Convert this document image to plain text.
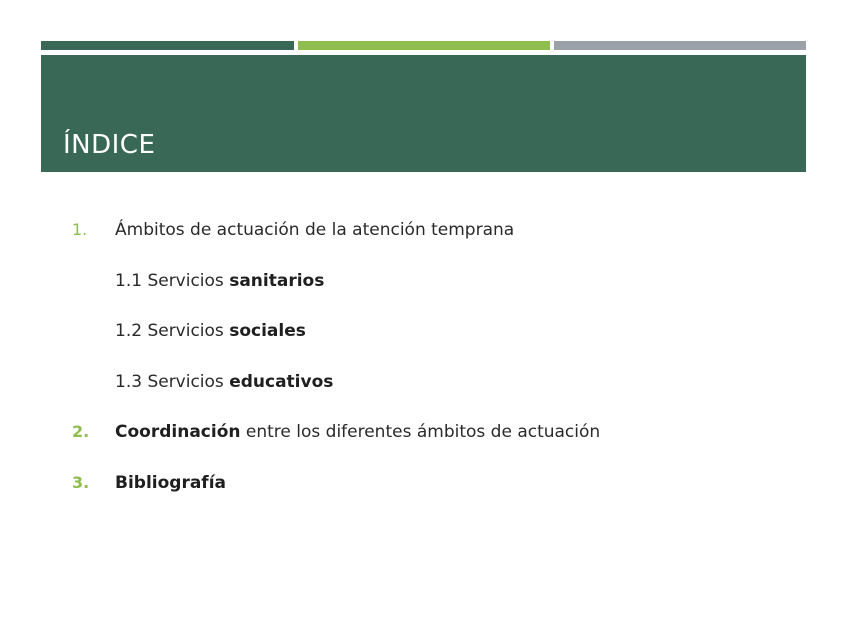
ÍNDICE
1. Ámbitos de actuación de la atención temprana
1.1 Servicios sanitarios
1.2 Servicios sociales
1.3 Servicios educativos
2. Coordinación entre los diferentes ámbitos de actuación
3. Bibliografía
